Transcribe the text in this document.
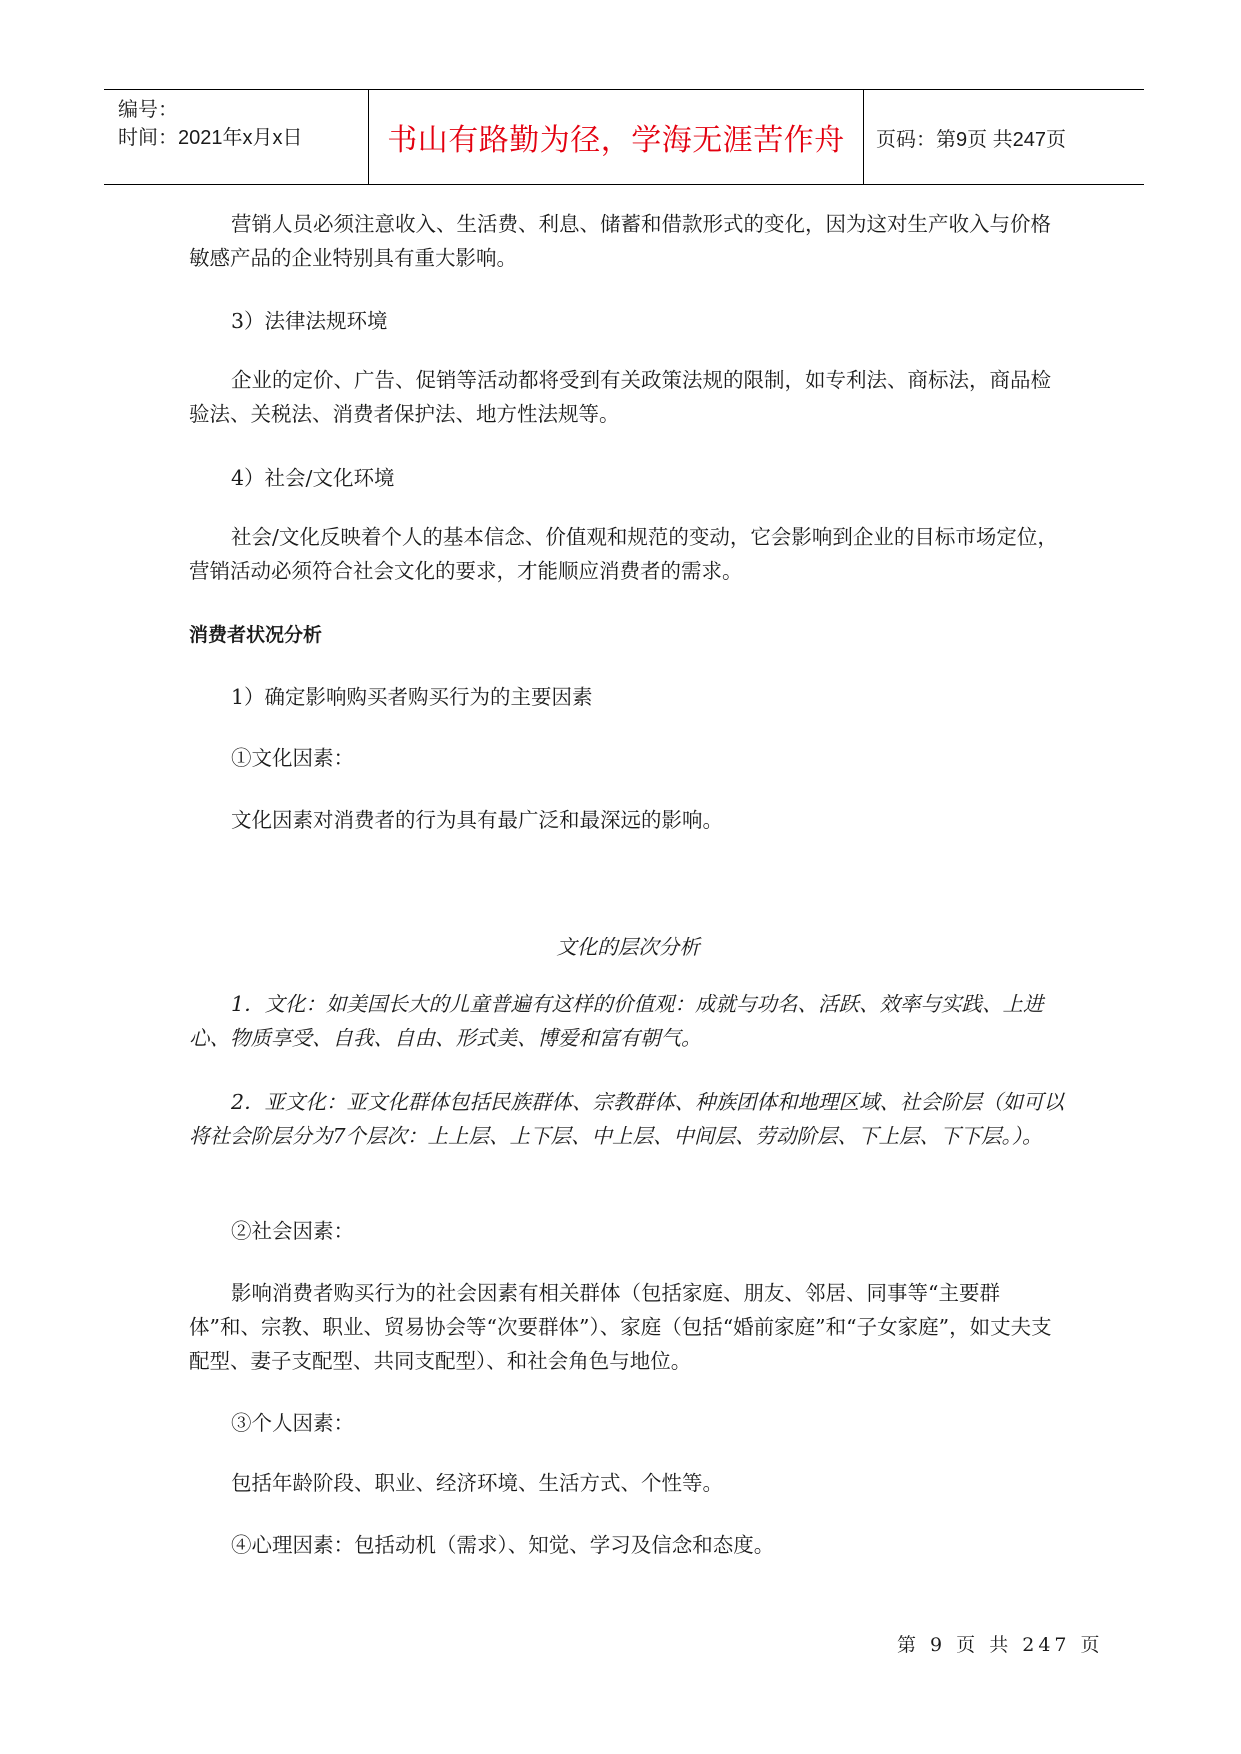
编号：
时间：2021年x月x日	书山有路勤为径，学海无涯苦作舟 页码：第9页 共247页

营销人员必须注意收入、生活费、利息、储蓄和借款形式的变化，因为这对生产收入与价格敏感产品的企业特别具有重大影响。

3）法律法规环境

企业的定价、广告、促销等活动都将受到有关政策法规的限制，如专利法、商标法，商品检验法、关税法、消费者保护法、地方性法规等。

4）社会/文化环境

社会/文化反映着个人的基本信念、价值观和规范的变动，它会影响到企业的目标市场定位，营销活动必须符合社会文化的要求，才能顺应消费者的需求。

消费者状况分析

1）确定影响购买者购买行为的主要因素

①文化因素：

文化因素对消费者的行为具有最广泛和最深远的影响。

文化的层次分析

1．文化：如美国长大的儿童普遍有这样的价值观：成就与功名、活跃、效率与实践、上进心、物质享受、自我、自由、形式美、博爱和富有朝气。

2．亚文化：亚文化群体包括民族群体、宗教群体、种族团体和地理区域、社会阶层（如可以将社会阶层分为7个层次：上上层、上下层、中上层、中间层、劳动阶层、下上层、下下层。）。

②社会因素：

影响消费者购买行为的社会因素有相关群体（包括家庭、朋友、邻居、同事等“主要群体”和、宗教、职业、贸易协会等“次要群体”）、家庭（包括“婚前家庭”和“子女家庭”，如丈夫支配型、妻子支配型、共同支配型）、和社会角色与地位。

③个人因素：

包括年龄阶段、职业、经济环境、生活方式、个性等。

④心理因素：包括动机（需求）、知觉、学习及信念和态度。

第 9 页 共 247 页
